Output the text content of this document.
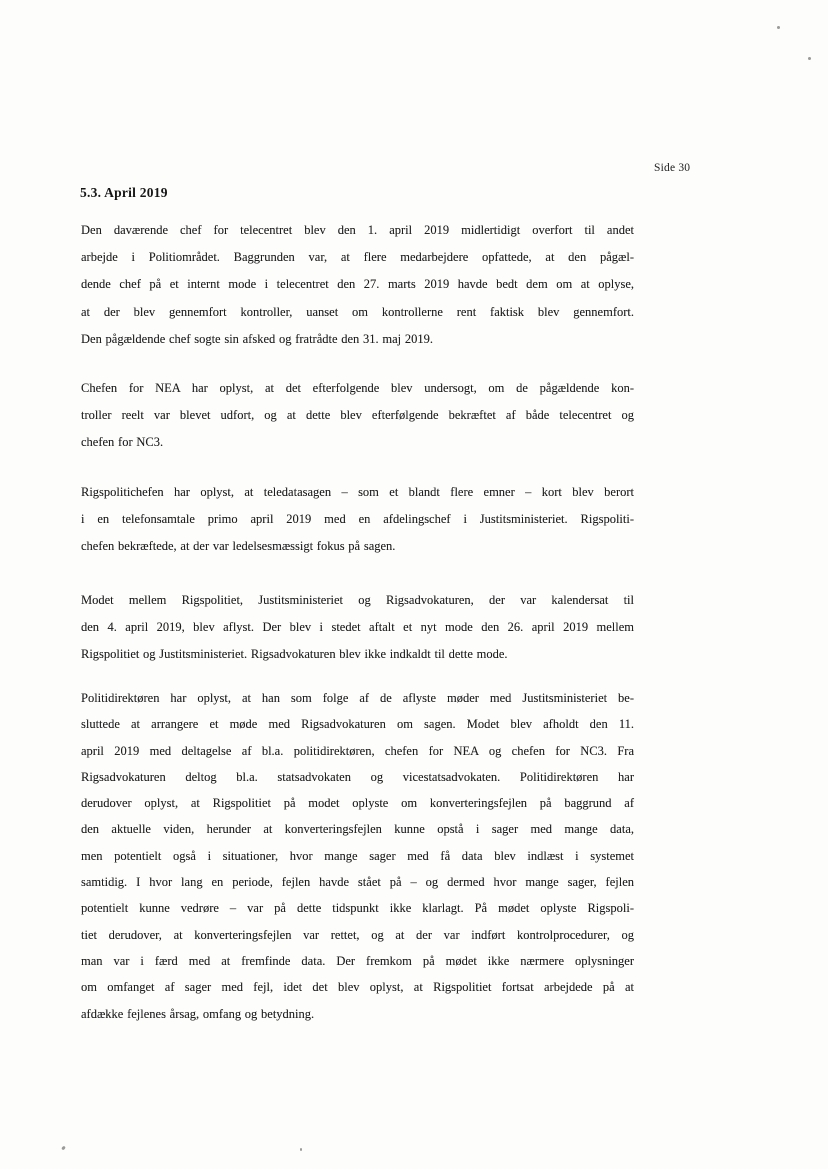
Side 30
5.3. April 2019
Den daværende chef for telecentret blev den 1. april 2019 midlertidigt overfort til andet
arbejde i Politiområdet. Baggrunden var, at flere medarbejdere opfattede, at den pågæl-
dende chef på et internt mode i telecentret den 27. marts 2019 havde bedt dem om at oplyse,
at der blev gennemfort kontroller, uanset om kontrollerne rent faktisk blev gennemfort.
Den pågældende chef sogte sin afsked og fratrådte den 31. maj 2019.
Chefen for NEA har oplyst, at det efterfolgende blev undersogt, om de pågældende kon-
troller reelt var blevet udfort, og at dette blev efterfølgende bekræftet af både telecentret og
chefen for NC3.
Rigspolitichefen har oplyst, at teledatasagen – som et blandt flere emner – kort blev berort
i en telefonsamtale primo april 2019 med en afdelingschef i Justitsministeriet. Rigspoliti-
chefen bekræftede, at der var ledelsesmæssigt fokus på sagen.
Modet mellem Rigspolitiet, Justitsministeriet og Rigsadvokaturen, der var kalendersat til
den 4. april 2019, blev aflyst. Der blev i stedet aftalt et nyt mode den 26. april 2019 mellem
Rigspolitiet og Justitsministeriet. Rigsadvokaturen blev ikke indkaldt til dette mode.
Politidirektøren har oplyst, at han som folge af de aflyste møder med Justitsministeriet be-
sluttede at arrangere et møde med Rigsadvokaturen om sagen. Modet blev afholdt den 11.
april 2019 med deltagelse af bl.a. politidirektøren, chefen for NEA og chefen for NC3. Fra
Rigsadvokaturen deltog bl.a. statsadvokaten og vicestatsadvokaten. Politidirektøren har
derudover oplyst, at Rigspolitiet på modet oplyste om konverteringsfejlen på baggrund af
den aktuelle viden, herunder at konverteringsfejlen kunne opstå i sager med mange data,
men potentielt også i situationer, hvor mange sager med få data blev indlæst i systemet
samtidig. I hvor lang en periode, fejlen havde stået på – og dermed hvor mange sager, fejlen
potentielt kunne vedrøre – var på dette tidspunkt ikke klarlagt. På mødet oplyste Rigspoli-
tiet derudover, at konverteringsfejlen var rettet, og at der var indført kontrolprocedurer, og
man var i færd med at fremfinde data. Der fremkom på mødet ikke nærmere oplysninger
om omfanget af sager med fejl, idet det blev oplyst, at Rigspolitiet fortsat arbejdede på at
afdække fejlenes årsag, omfang og betydning.
